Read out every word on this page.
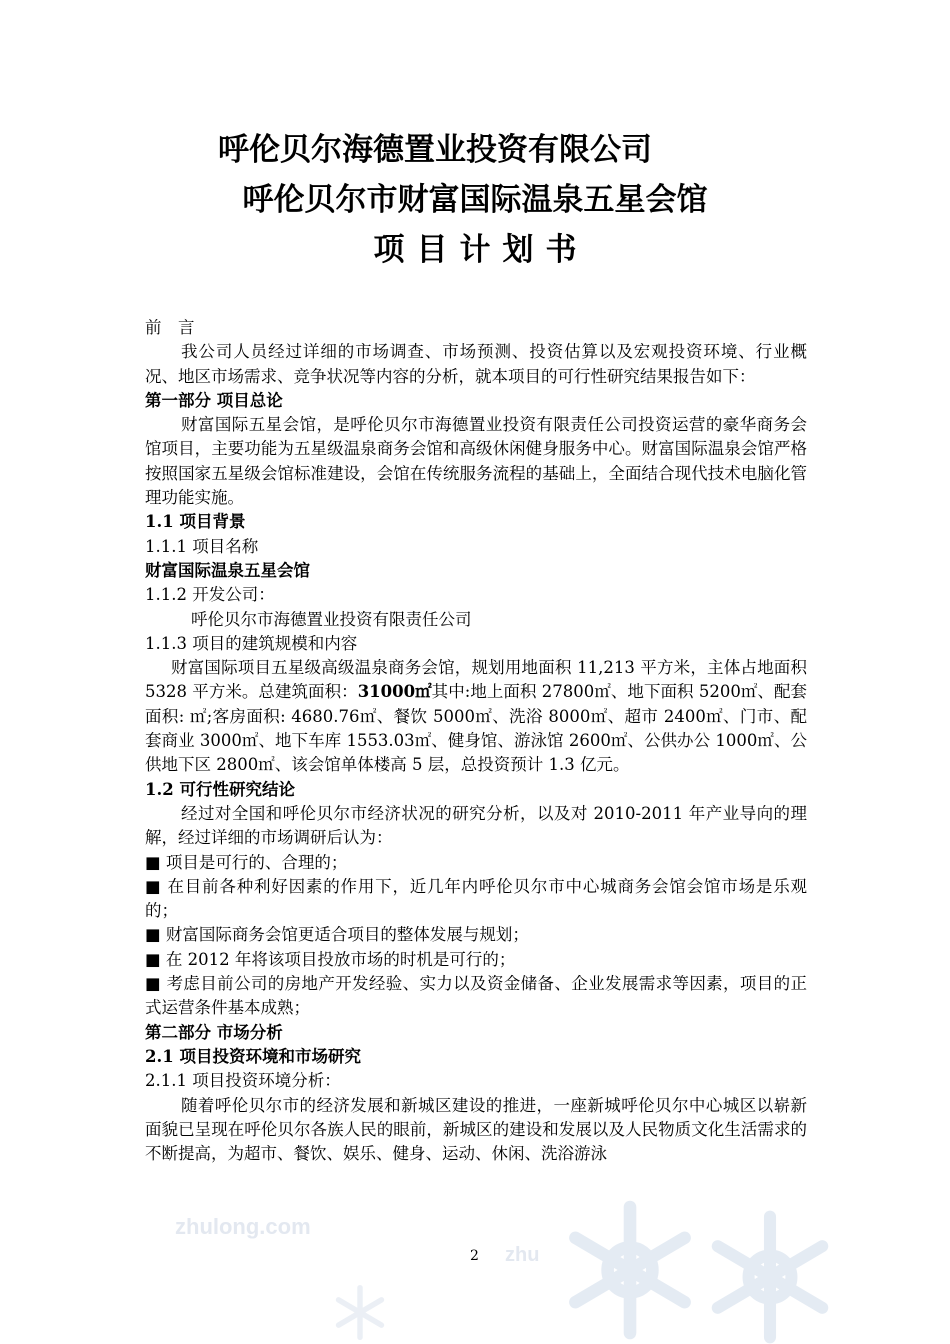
zhulong.com
zhu
呼伦贝尔海德置业投资有限公司
呼伦贝尔市财富国际温泉五星会馆
项目计划书

前　言

我公司人员经过详细的市场调查、市场预测、投资估算以及宏观投资环境、行业概况、地区市场需求、竞争状况等内容的分析，就本项目的可行性研究结果报告如下：

第一部分 项目总论

财富国际五星会馆，是呼伦贝尔市海德置业投资有限责任公司投资运营的豪华商务会馆项目，主要功能为五星级温泉商务会馆和高级休闲健身服务中心。财富国际温泉会馆严格按照国家五星级会馆标准建设，会馆在传统服务流程的基础上，全面结合现代技术电脑化管理功能实施。

1.1 项目背景

1.1.1 项目名称

财富国际温泉五星会馆

1.1.2 开发公司：

呼伦贝尔市海德置业投资有限责任公司

1.1.3 项目的建筑规模和内容

财富国际项目五星级高级温泉商务会馆，规划用地面积 11,213 平方米，主体占地面积 5328 平方米。总建筑面积：31000㎡其中:地上面积 27800㎡、地下面积 5200㎡、配套面积: ㎡;客房面积: 4680.76㎡、餐饮 5000㎡、洗浴 8000㎡、超市 2400㎡、门市、配套商业 3000㎡、地下车库 1553.03㎡、健身馆、游泳馆 2600㎡、公供办公 1000㎡、公供地下区 2800㎡、该会馆单体楼高 5 层，总投资预计 1.3 亿元。

1.2 可行性研究结论

经过对全国和呼伦贝尔市经济状况的研究分析，以及对 2010-2011 年产业导向的理解，经过详细的市场调研后认为：

■ 项目是可行的、合理的；

■ 在目前各种利好因素的作用下，近几年内呼伦贝尔市中心城商务会馆会馆市场是乐观的；

■ 财富国际商务会馆更适合项目的整体发展与规划；

■ 在 2012 年将该项目投放市场的时机是可行的；

■ 考虑目前公司的房地产开发经验、实力以及资金储备、企业发展需求等因素，项目的正式运营条件基本成熟；

第二部分 市场分析

2.1 项目投资环境和市场研究

2.1.1 项目投资环境分析：

随着呼伦贝尔市的经济发展和新城区建设的推进，一座新城呼伦贝尔中心城区以崭新面貌已呈现在呼伦贝尔各族人民的眼前，新城区的建设和发展以及人民物质文化生活需求的不断提高，为超市、餐饮、娱乐、健身、运动、休闲、洗浴游泳

2
